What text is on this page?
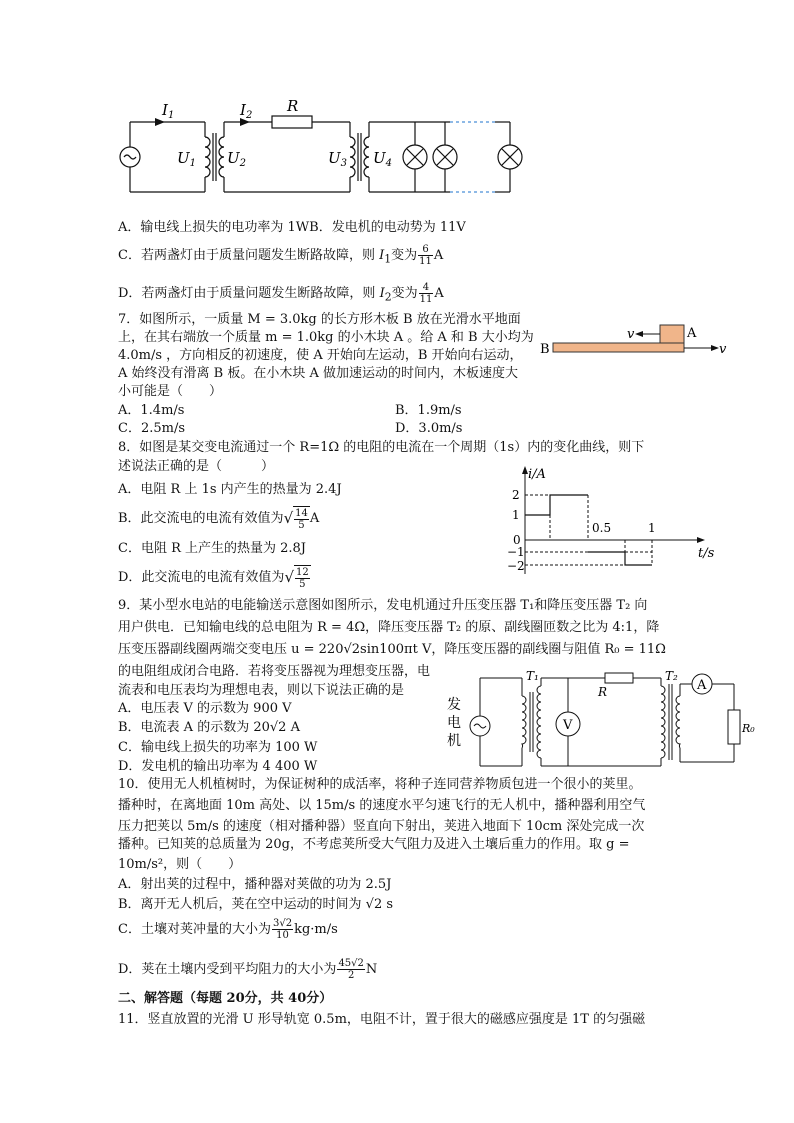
$I_1$	$I_2$
R
$U_1$ $U_2$	$U_3$ $U_4$
A．输电线上损失的电功率为 1WB．发电机的电动势为 11V
C．若两盏灯由于质量问题发生断路故障，则 $I_1$变为 $\frac{6}{11}$ A
D．若两盏灯由于质量问题发生断路故障，则 $I_2$变为 $\frac{4}{11}$ A
7．如图所示，一质量 M = 3.0kg 的长方形木板 B 放在光滑水平地面
上，在其右端放一个质量 m = 1.0kg 的小木块 A 。给 A 和 B 大小均为
4.0m/s ，方向相反的初速度，使 A 开始向左运动，B 开始向右运动，
A 始终没有滑离 B 板。在小木块 A 做加速运动的时间内，木板速度大
小可能是（　　）
A．1.4m/s	B．1.9m/s
C．2.5m/s	D．3.0m/s
v	A
B	v
8．如图是某交变电流通过一个 R=1Ω 的电阻的电流在一个周期（1s）内的变化曲线，则下
述说法正确的是（　　　）
A．电阻 R 上 1s 内产生的热量为 2.4J
B．此交流电的电流有效值为√ $\frac{14}{5}$ A
C．电阻 R 上产生的热量为 2.8J
D．此交流电的电流有效值为√ $\frac{12}{5}$
i/A
t/s
2
1
0
−1
−2
0.5	1
9．某小型水电站的电能输送示意图如图所示，发电机通过升压变压器 T₁和降压变压器 T₂ 向
用户供电．已知输电线的总电阻为 R = 4Ω，降压变压器 T₂ 的原、副线圈匝数之比为 4:1，降
压变压器副线圈两端交变电压 u = 220√2sin100πt V，降压变压器的副线圈与阻值 R₀ = 11Ω
的电阻组成闭合电路．若将变压器视为理想变压器，电
流表和电压表均为理想电表，则以下说法正确的是
A．电压表 V 的示数为 900 V
B．电流表 A 的示数为 20√2 A
C．输电线上损失的功率为 100 W
D．发电机的输出功率为 4 400 W
发
电
机
T₁	T₂
R
V
A
R₀
10．使用无人机植树时，为保证树种的成活率，将种子连同营养物质包进一个很小的荚里。
播种时，在离地面 10m 高处、以 15m/s 的速度水平匀速飞行的无人机中，播种器利用空气
压力把荚以 5m/s 的速度（相对播种器）竖直向下射出，荚进入地面下 10cm 深处完成一次
播种。已知荚的总质量为 20g，不考虑荚所受大气阻力及进入土壤后重力的作用。取 g =
10m/s²，则（　　）
A．射出荚的过程中，播种器对荚做的功为 2.5J
B．离开无人机后，荚在空中运动的时间为 √2 s
C．土壤对荚冲量的大小为 $\frac{3√2}{10} kg\cdot m/s$
D．荚在土壤内受到平均阻力的大小为 $\frac{45√2}{2}$ N
二、解答题（每题 20分，共 40分）
11．竖直放置的光滑 U 形导轨宽 0.5m，电阻不计，置于很大的磁感应强度是 1T 的匀强磁
